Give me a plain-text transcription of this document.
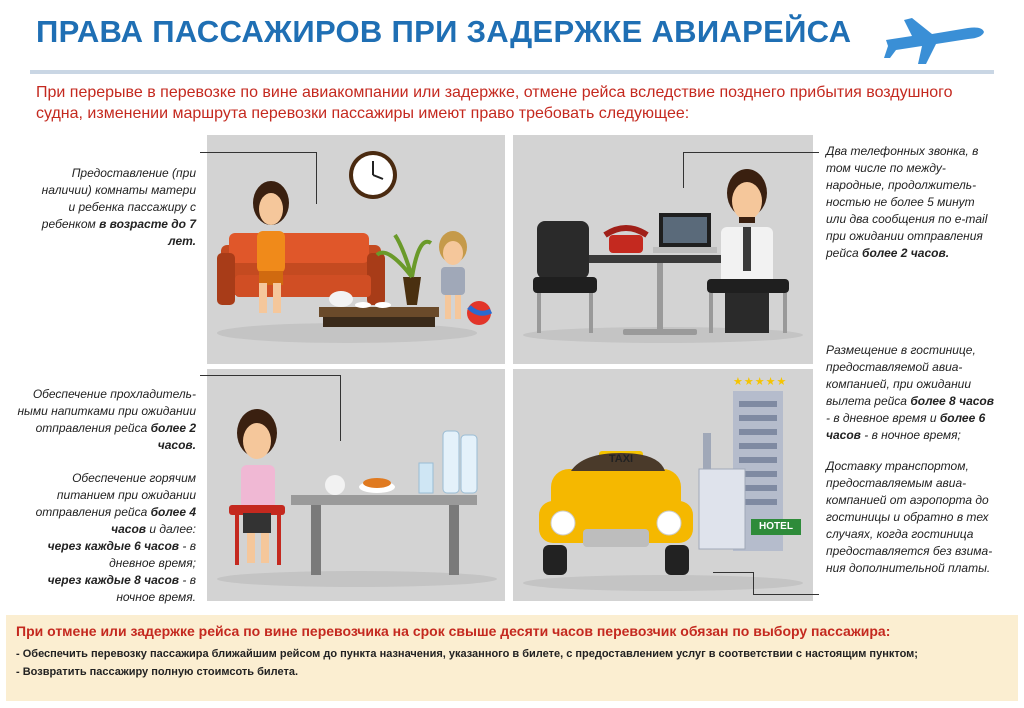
ПРАВА ПАССАЖИРОВ ПРИ ЗАДЕРЖКЕ АВИАРЕЙСА
При перерыве в перевозке по вине авиакомпании или задержке, отмене рейса вследствие позднего прибытия воздушного судна, изменении маршрута перевозки пассажиры имеют право требовать следующее:
TAXI
★★★★★
HOTEL
Предоставление (при наличии) комнаты матери и ребенка пассажиру с ребенком в возрасте до 7 лет.
Обеспечение прохладитель-ными напитками при ожидании отправления рейса более 2 часов.
Обеспечение горячим питанием при ожидании отправления рейса более 4 часов и далее:
через каждые 6 часов - в дневное время;
через каждые 8 часов - в ночное время.
Два телефонных звонка, в том числе по между-народные, продолжитель-ностью не более 5 минут или два сообщения по e-mail при ожидании отправления рейса более 2 часов.
Размещение в гостинице, предоставляемой авиа-компанией, при ожидании вылета рейса более 8 часов - в дневное время и более 6 часов - в ночное время;
Доставку транспортом, предоставляемым авиа-компанией от аэропорта до гостиницы и обратно в тех случаях, когда гостиница предоставляется без взима-ния дополнительной платы.
При отмене или задержке рейса по вине перевозчика на срок свыше десяти часов перевозчик обязан по выбору пассажира:
- Обеспечить перевозку пассажира ближайшим рейсом до пункта назначения, указанного в билете, с предоставлением услуг в соответствии с настоящим пунктом;
- Возвратить пассажиру полную стоимсоть билета.
